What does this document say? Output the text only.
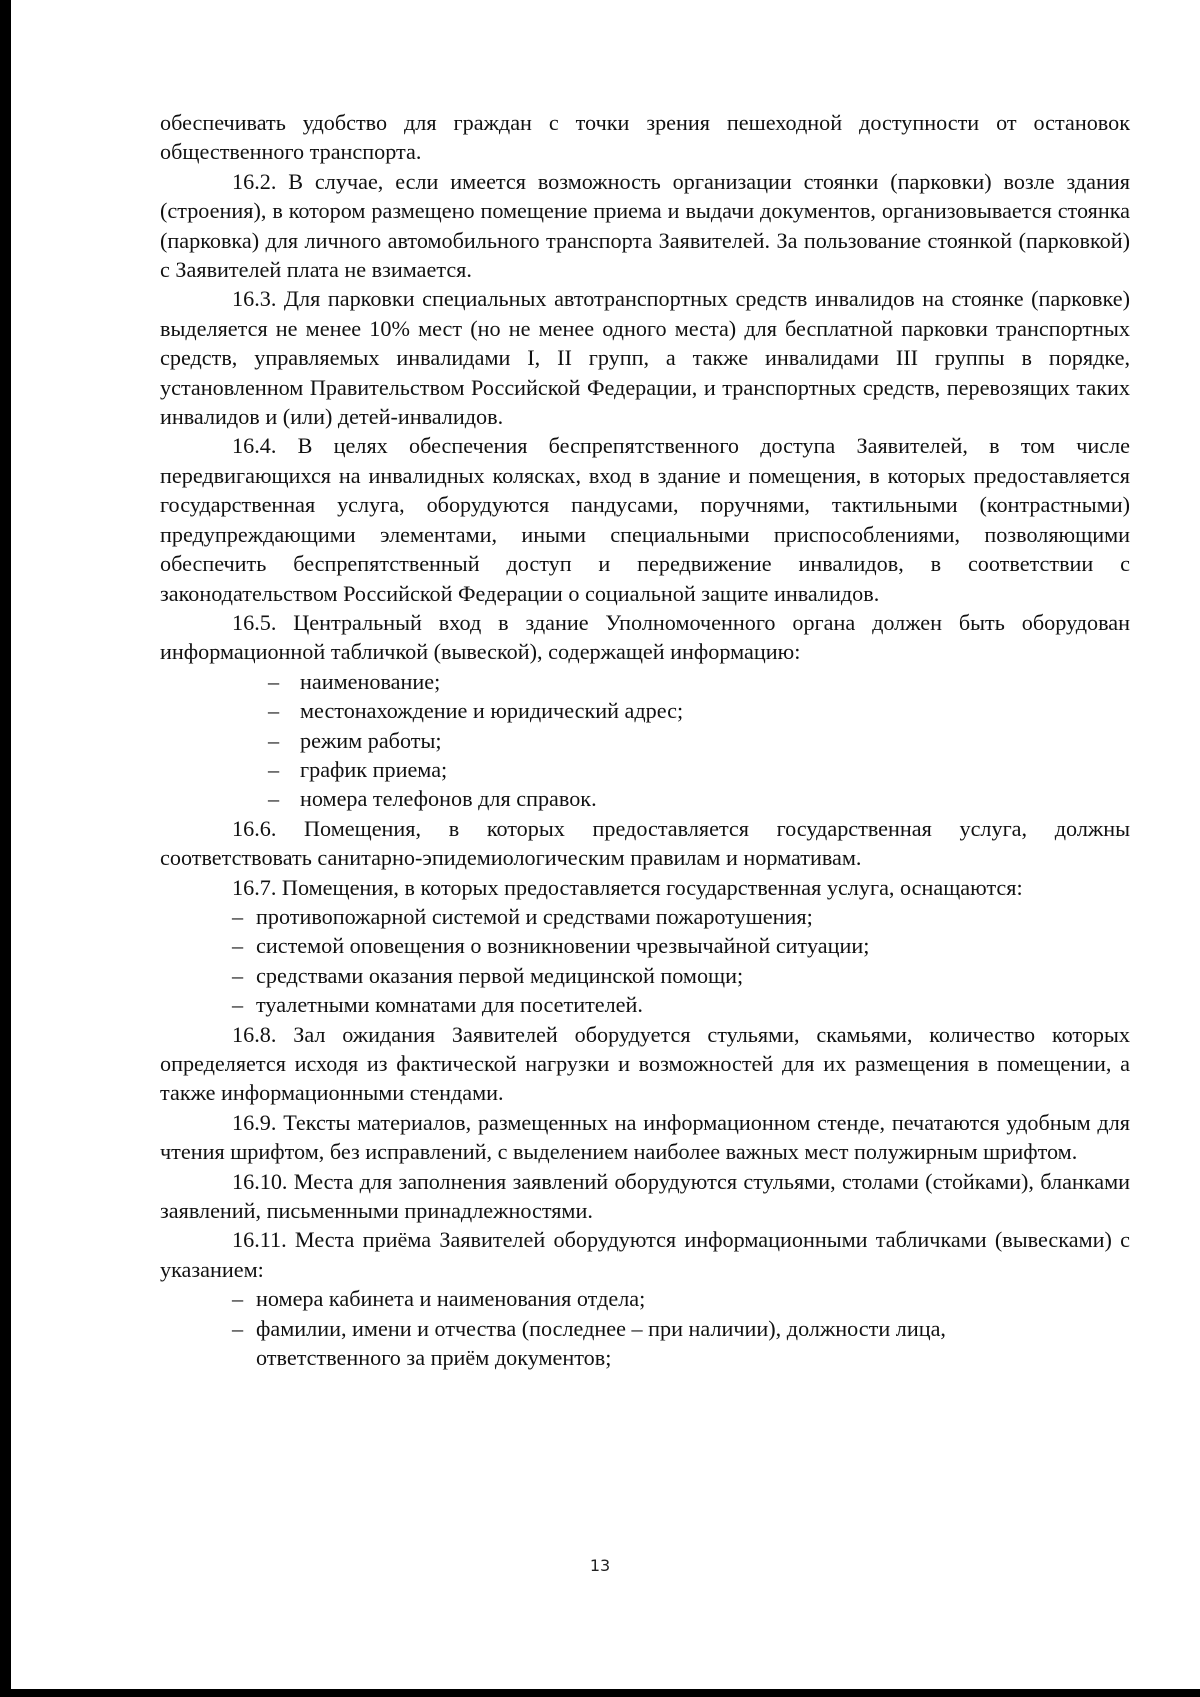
обеспечивать удобство для граждан с точки зрения пешеходной доступности от остановок общественного транспорта.

16.2. В случае, если имеется возможность организации стоянки (парковки) возле здания (строения), в котором размещено помещение приема и выдачи документов, организовывается стоянка (парковка) для личного автомобильного транспорта Заявителей. За пользование стоянкой (парковкой) с Заявителей плата не взимается.

16.3. Для парковки специальных автотранспортных средств инвалидов на стоянке (парковке) выделяется не менее 10% мест (но не менее одного места) для бесплатной парковки транспортных средств, управляемых инвалидами I, II групп, а также инвалидами III группы в порядке, установленном Правительством Российской Федерации, и транспортных средств, перевозящих таких инвалидов и (или) детей-инвалидов.

16.4. В целях обеспечения беспрепятственного доступа Заявителей, в том числе передвигающихся на инвалидных колясках, вход в здание и помещения, в которых предоставляется государственная услуга, оборудуются пандусами, поручнями, тактильными (контрастными) предупреждающими элементами, иными специальными приспособлениями, позволяющими обеспечить беспрепятственный доступ и передвижение инвалидов, в соответствии с законодательством Российской Федерации о социальной защите инвалидов.

16.5. Центральный вход в здание Уполномоченного органа должен быть оборудован информационной табличкой (вывеской), содержащей информацию:

– наименование;
– местонахождение и юридический адрес;
– режим работы;
– график приема;
– номера телефонов для справок.

16.6. Помещения, в которых предоставляется государственная услуга, должны соответствовать санитарно-эпидемиологическим правилам и нормативам.

16.7. Помещения, в которых предоставляется государственная услуга, оснащаются:

– противопожарной системой и средствами пожаротушения;
– системой оповещения о возникновении чрезвычайной ситуации;
– средствами оказания первой медицинской помощи;
– туалетными комнатами для посетителей.

16.8. Зал ожидания Заявителей оборудуется стульями, скамьями, количество которых определяется исходя из фактической нагрузки и возможностей для их размещения в помещении, а также информационными стендами.

16.9. Тексты материалов, размещенных на информационном стенде, печатаются удобным для чтения шрифтом, без исправлений, с выделением наиболее важных мест полужирным шрифтом.

16.10. Места для заполнения заявлений оборудуются стульями, столами (стойками), бланками заявлений, письменными принадлежностями.

16.11. Места приёма Заявителей оборудуются информационными табличками (вывесками) с указанием:

– номера кабинета и наименования отдела;
– фамилии, имени и отчества (последнее – при наличии), должности лица, ответственного за приём документов;
13
